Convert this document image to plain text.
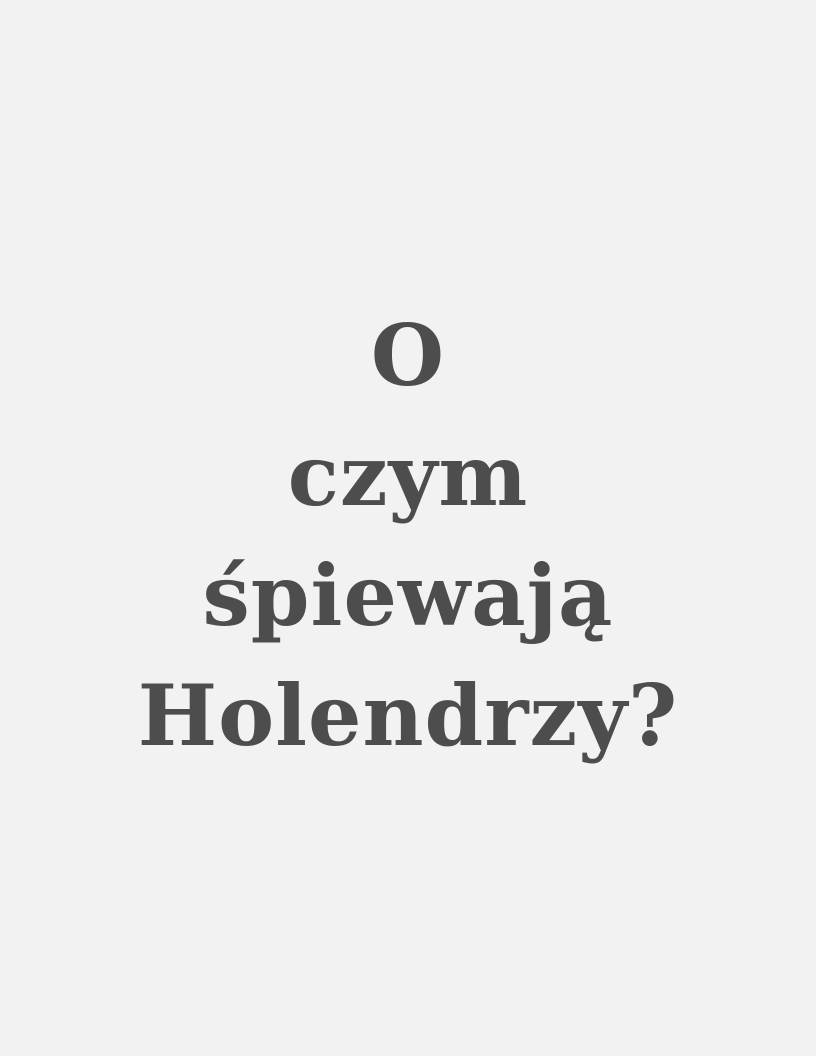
O
czym
śpiewają
Holendrzy?
